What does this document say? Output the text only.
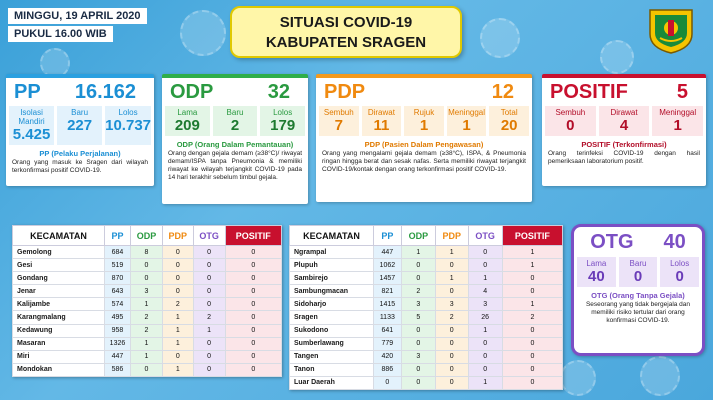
MINGGU, 19 APRIL 2020
PUKUL 16.00 WIB
SITUASI COVID-19
KABUPATEN SRAGEN
PP 16.162
Isolasi Mandiri
5.425
Baru
227
Lolos
10.737
PP (Pelaku Perjalanan)
Orang yang masuk ke Sragen dari wilayah terkonfirmasi positif COVID-19.
ODP	32
Lama
209
Baru
2
Lolos
179
ODP (Orang Dalam Pemantauan)
Orang dengan gejala demam (≥38°C)/ riwayat demam/ISPA tanpa Pneumonia & memiliki riwayat ke wilayah terjangkit COVID-19 pada 14 hari terakhir sebelum timbul gejala.
PDP	12
Sembuh
7
Dirawat
11
Rujuk
1
Meninggal
1
Total
20
PDP (Pasien Dalam Pengawasan)
Orang yang mengalami gejala demam (≥38°C), ISPA, & Pneumonia ringan hingga berat dan sesak nafas. Serta memiliki riwayat terjangkit COVID-19/kontak dengan orang terkonfirmasi positif COVID-19.
POSITIF 5
Sembuh
0
Dirawat
4
Meninggal
1
POSITIF (Terkonfirmasi)
Orang terinfeksi COVID-19 dengan hasil pemeriksaan laboratorium positif.
OTG 40
Lama
40
Baru
0
Lolos
0
OTG (Orang Tanpa Gejala)
Seseorang yang tidak bergejala dan memiliki risiko tertular dari orang konfirmasi COVID-19.
KECAMATAN	PP	ODP	PDP	OTG	POSITIF
Gemolong	684	8	0	0	0
Gesi	519	0	0	0	0
Gondang	870	0	0	0	0
Jenar	643	3	0	0	0
Kalijambe	574	1	2	0	0
Karangmalang	495	2	1	2	0
Kedawung	958	2	1	1	0
Masaran	1326	1	1	0	0
Miri	447	1	0	0	0
Mondokan	586	0	1	0	0
KECAMATAN	PP	ODP	PDP	OTG	POSITIF
Ngrampal	447	1	1	0	1
Plupuh	1062	0	0	0	1
Sambirejo	1457	0	1	1	0
Sambungmacan	821	2	0	4	0
Sidoharjo	1415	3	3	3	1
Sragen	1133	5	2	26	2
Sukodono	641	0	0	1	0
Sumberlawang	779	0	0	0	0
Tangen	420	3	0	0	0
Tanon	886	0	0	0	0
Luar Daerah	0	0	0	1	0
